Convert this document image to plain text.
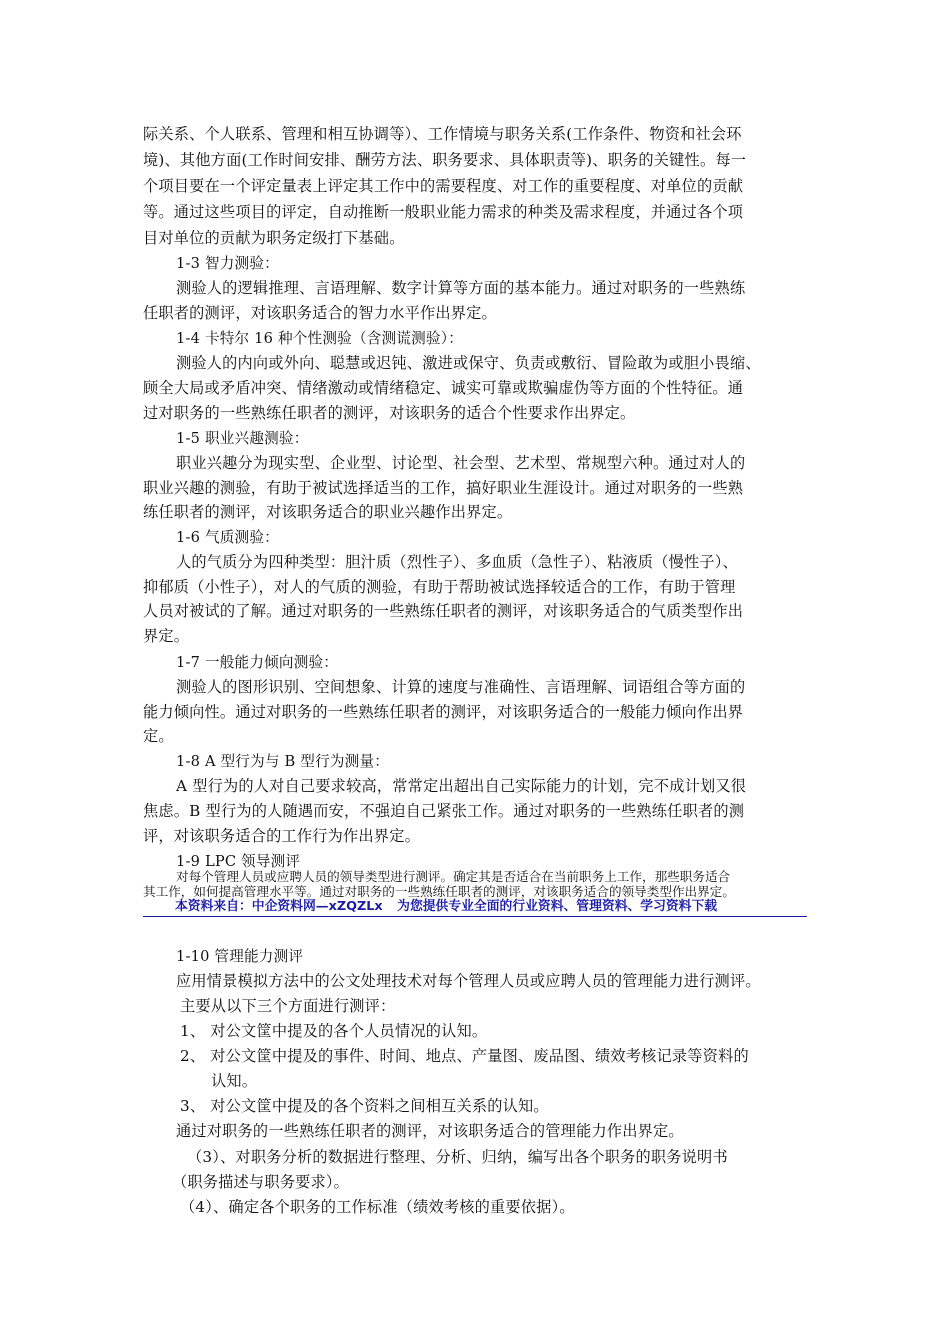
际关系、个人联系、管理和相互协调等）、工作情境与职务关系(工作条件、物资和社会环
境)、其他方面(工作时间安排、酬劳方法、职务要求、具体职责等)、职务的关键性。每一
个项目要在一个评定量表上评定其工作中的需要程度、对工作的重要程度、对单位的贡献
等。通过这些项目的评定，自动推断一般职业能力需求的种类及需求程度，并通过各个项
目对单位的贡献为职务定级打下基础。
1-3 智力测验：
测验人的逻辑推理、言语理解、数字计算等方面的基本能力。通过对职务的一些熟练
任职者的测评，对该职务适合的智力水平作出界定。
1-4 卡特尔 16 种个性测验（含测谎测验）：
测验人的内向或外向、聪慧或迟钝、激进或保守、负责或敷衍、冒险敢为或胆小畏缩、
顾全大局或矛盾冲突、情绪激动或情绪稳定、诚实可靠或欺骗虚伪等方面的个性特征。通
过对职务的一些熟练任职者的测评，对该职务的适合个性要求作出界定。
1-5 职业兴趣测验：
职业兴趣分为现实型、企业型、讨论型、社会型、艺术型、常规型六种。通过对人的
职业兴趣的测验，有助于被试选择适当的工作，搞好职业生涯设计。通过对职务的一些熟
练任职者的测评，对该职务适合的职业兴趣作出界定。
1-6 气质测验：
人的气质分为四种类型：胆汁质（烈性子）、多血质（急性子）、粘液质（慢性子）、
抑郁质（小性子），对人的气质的测验，有助于帮助被试选择较适合的工作，有助于管理
人员对被试的了解。通过对职务的一些熟练任职者的测评，对该职务适合的气质类型作出
界定。
1-7 一般能力倾向测验：
测验人的图形识别、空间想象、计算的速度与准确性、言语理解、词语组合等方面的
能力倾向性。通过对职务的一些熟练任职者的测评，对该职务适合的一般能力倾向作出界
定。
1-8 A 型行为与 B 型行为测量：
A 型行为的人对自己要求较高，常常定出超出自己实际能力的计划，完不成计划又很
焦虑。B 型行为的人随遇而安，不强迫自己紧张工作。通过对职务的一些熟练任职者的测
评，对该职务适合的工作行为作出界定。
1-9 LPC 领导测评
对每个管理人员或应聘人员的领导类型进行测评。确定其是否适合在当前职务上工作，那些职务适合
其工作，如何提高管理水平等。通过对职务的一些熟练任职者的测评，对该职务适合的领导类型作出界定。
本资料来自：中企资料网—xZQZLx 为您提供专业全面的行业资料、管理资料、学习资料下载
1-10 管理能力测评
应用情景模拟方法中的公文处理技术对每个管理人员或应聘人员的管理能力进行测评。
主要从以下三个方面进行测评：
1、 对公文筐中提及的各个人员情况的认知。
2、 对公文筐中提及的事件、时间、地点、产量图、废品图、绩效考核记录等资料的
认知。
3、 对公文筐中提及的各个资料之间相互关系的认知。
通过对职务的一些熟练任职者的测评，对该职务适合的管理能力作出界定。
（3）、对职务分析的数据进行整理、分析、归纳，编写出各个职务的职务说明书
（职务描述与职务要求）。
（4）、确定各个职务的工作标准（绩效考核的重要依据）。
